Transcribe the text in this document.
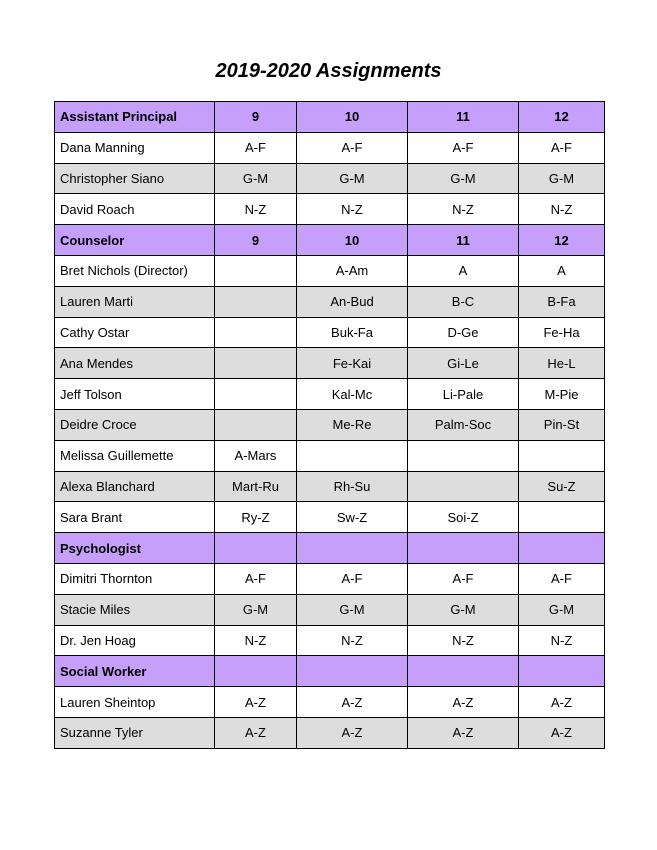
2019-2020 Assignments
Assistant Principal	9	10	11	12
Dana Manning	A-F	A-F	A-F	A-F
Christopher Siano	G-M	G-M	G-M	G-M
David Roach	N-Z	N-Z	N-Z	N-Z
Counselor	9	10	11	12
Bret Nichols (Director)		A-Am	A	A
Lauren Marti		An-Bud	B-C	B-Fa
Cathy Ostar		Buk-Fa	D-Ge	Fe-Ha
Ana Mendes		Fe-Kai	Gi-Le	He-L
Jeff Tolson		Kal-Mc	Li-Pale	M-Pie
Deidre Croce		Me-Re	Palm-Soc	Pin-St
Melissa Guillemette	A-Mars			
Alexa Blanchard	Mart-Ru	Rh-Su		Su-Z
Sara Brant	Ry-Z	Sw-Z	Soi-Z	
Psychologist				
Dimitri Thornton	A-F	A-F	A-F	A-F
Stacie Miles	G-M	G-M	G-M	G-M
Dr. Jen Hoag	N-Z	N-Z	N-Z	N-Z
Social Worker				
Lauren Sheintop	A-Z	A-Z	A-Z	A-Z
Suzanne Tyler	A-Z	A-Z	A-Z	A-Z
